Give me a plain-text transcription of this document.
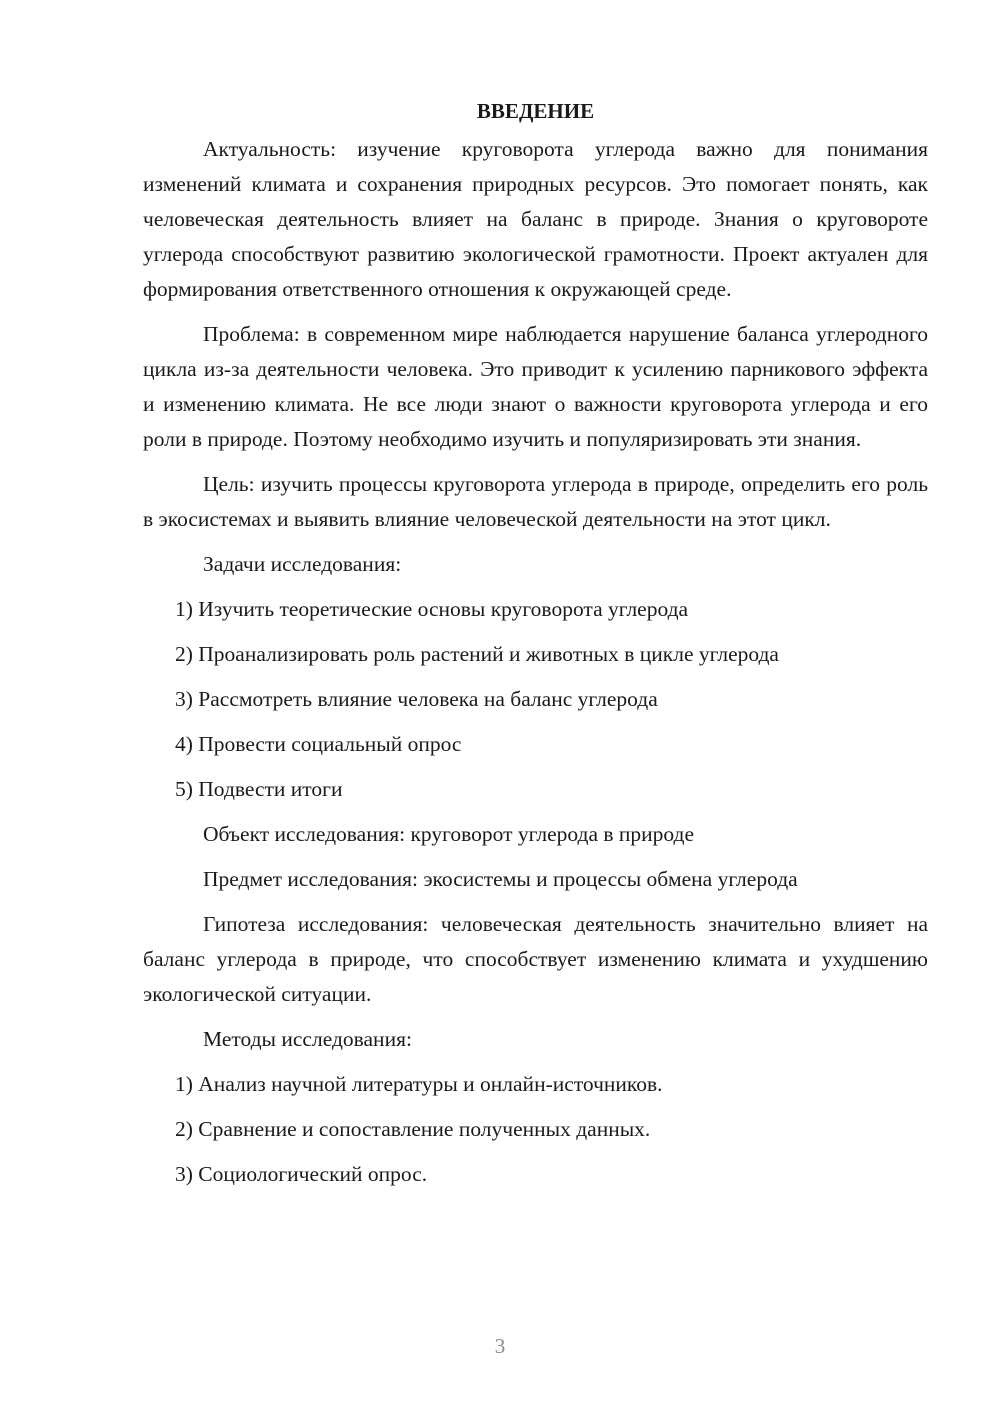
ВВЕДЕНИЕ

Актуальность: изучение круговорота углерода важно для понимания изменений климата и сохранения природных ресурсов. Это помогает понять, как человеческая деятельность влияет на баланс в природе. Знания о круговороте углерода способствуют развитию экологической грамотности. Проект актуален для формирования ответственного отношения к окружающей среде.

Проблема: в современном мире наблюдается нарушение баланса углеродного цикла из-за деятельности человека. Это приводит к усилению парникового эффекта и изменению климата. Не все люди знают о важности круговорота углерода и его роли в природе. Поэтому необходимо изучить и популяризировать эти знания.

Цель: изучить процессы круговорота углерода в природе, определить его роль в экосистемах и выявить влияние человеческой деятельности на этот цикл.

Задачи исследования:
1) Изучить теоретические основы круговорота углерода
2) Проанализировать роль растений и животных в цикле углерода
3) Рассмотреть влияние человека на баланс углерода
4) Провести социальный опрос
5) Подвести итоги
Объект исследования: круговорот углерода в природе
Предмет исследования: экосистемы и процессы обмена углерода

Гипотеза исследования: человеческая деятельность значительно влияет на баланс углерода в природе, что способствует изменению климата и ухудшению экологической ситуации.

Методы исследования:
1) Анализ научной литературы и онлайн-источников.
2) Сравнение и сопоставление полученных данных.
3) Социологический опрос.
3
